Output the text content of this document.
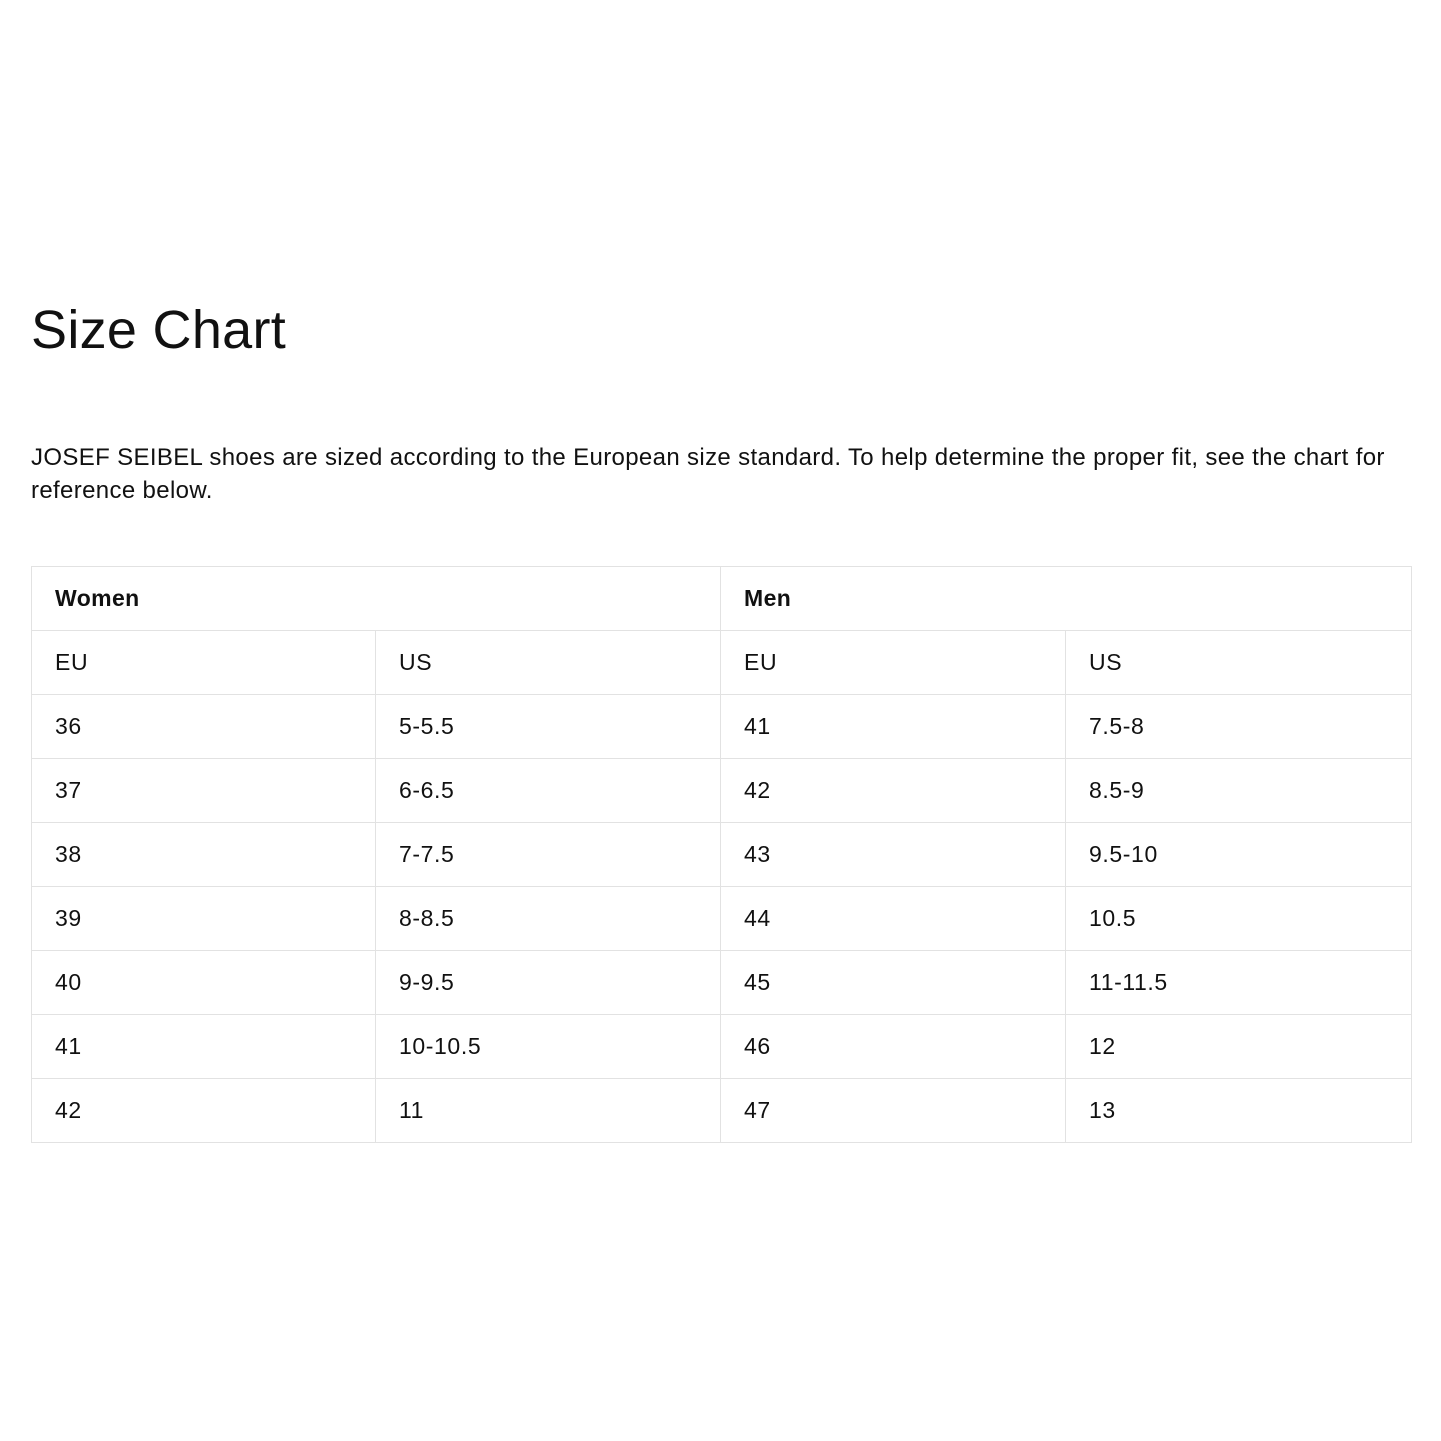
Size Chart

JOSEF SEIBEL shoes are sized according to the European size standard. To help determine the proper fit, see the chart for reference below.

Women		Men	
EU	US	EU	US
36	5-5.5	41	7.5-8
37	6-6.5	42	8.5-9
38	7-7.5	43	9.5-10
39	8-8.5	44	10.5
40	9-9.5	45	11-11.5
41	10-10.5	46	12
42	11	47	13
